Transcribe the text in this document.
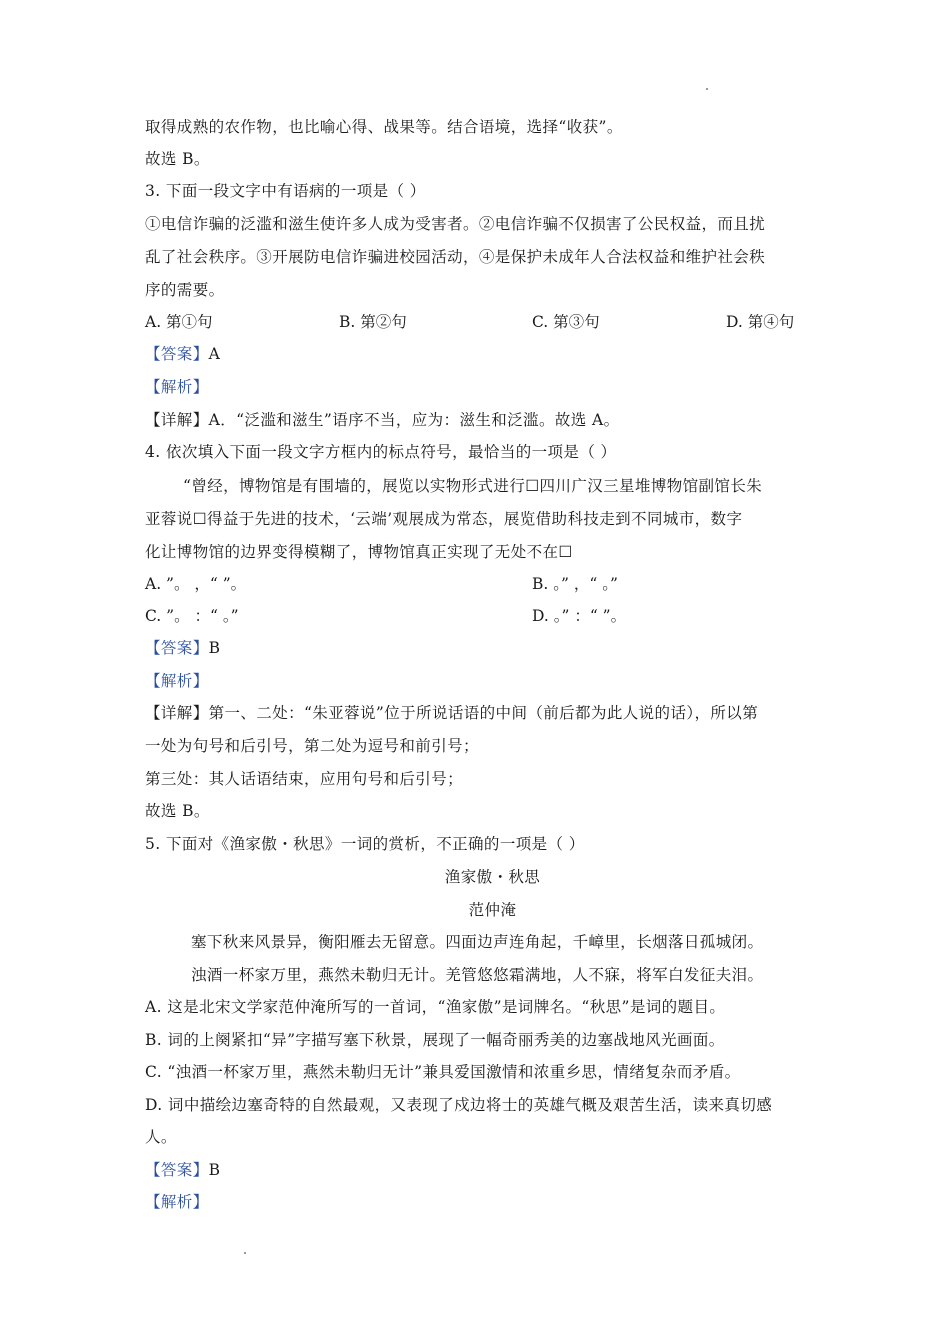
取得成熟的农作物，也比喻心得、战果等。结合语境，选择“收获”。
故选 B。
3. 下面一段文字中有语病的一项是（ ）
①电信诈骗的泛滥和滋生使许多人成为受害者。②电信诈骗不仅损害了公民权益，而且扰
乱了社会秩序。③开展防电信诈骗进校园活动，④是保护未成年人合法权益和维护社会秩
序的需要。
A. 第①句	B. 第②句	C. 第③句	D. 第④句
【答案】A
【解析】
【详解】A．“泛滥和滋生”语序不当，应为：滋生和泛滥。故选 A。
4. 依次填入下面一段文字方框内的标点符号，最恰当的一项是（ ）
“曾经，博物馆是有围墙的，展览以实物形式进行☐四川广汉三星堆博物馆副馆长朱
亚蓉说☐得益于先进的技术，‘云端’观展成为常态，展览借助科技走到不同城市，数字
化让博物馆的边界变得模糊了，博物馆真正实现了无处不在☐
A. ”。 ，“ ”。	B. 。” ，“ 。”
C. ”。 ：“ 。”	D. 。” ：“ ”。
【答案】B
【解析】
【详解】第一、二处：“朱亚蓉说”位于所说话语的中间（前后都为此人说的话），所以第
一处为句号和后引号，第二处为逗号和前引号；
第三处：其人话语结束，应用句号和后引号；
故选 B。
5. 下面对《渔家傲・秋思》一词的赏析，不正确的一项是（ ）
渔家傲・秋思
范仲淹
塞下秋来风景异，衡阳雁去无留意。四面边声连角起，千嶂里，长烟落日孤城闭。
浊酒一杯家万里，燕然未勒归无计。羌管悠悠霜满地，人不寐，将军白发征夫泪。
A. 这是北宋文学家范仲淹所写的一首词，“渔家傲”是词牌名。“秋思”是词的题目。
B. 词的上阕紧扣“异”字描写塞下秋景，展现了一幅奇丽秀美的边塞战地风光画面。
C. “浊酒一杯家万里，燕然未勒归无计”兼具爱国激情和浓重乡思，情绪复杂而矛盾。
D. 词中描绘边塞奇特的自然最观，又表现了戍边将士的英雄气概及艰苦生活，读来真切感
人。
【答案】B
【解析】
